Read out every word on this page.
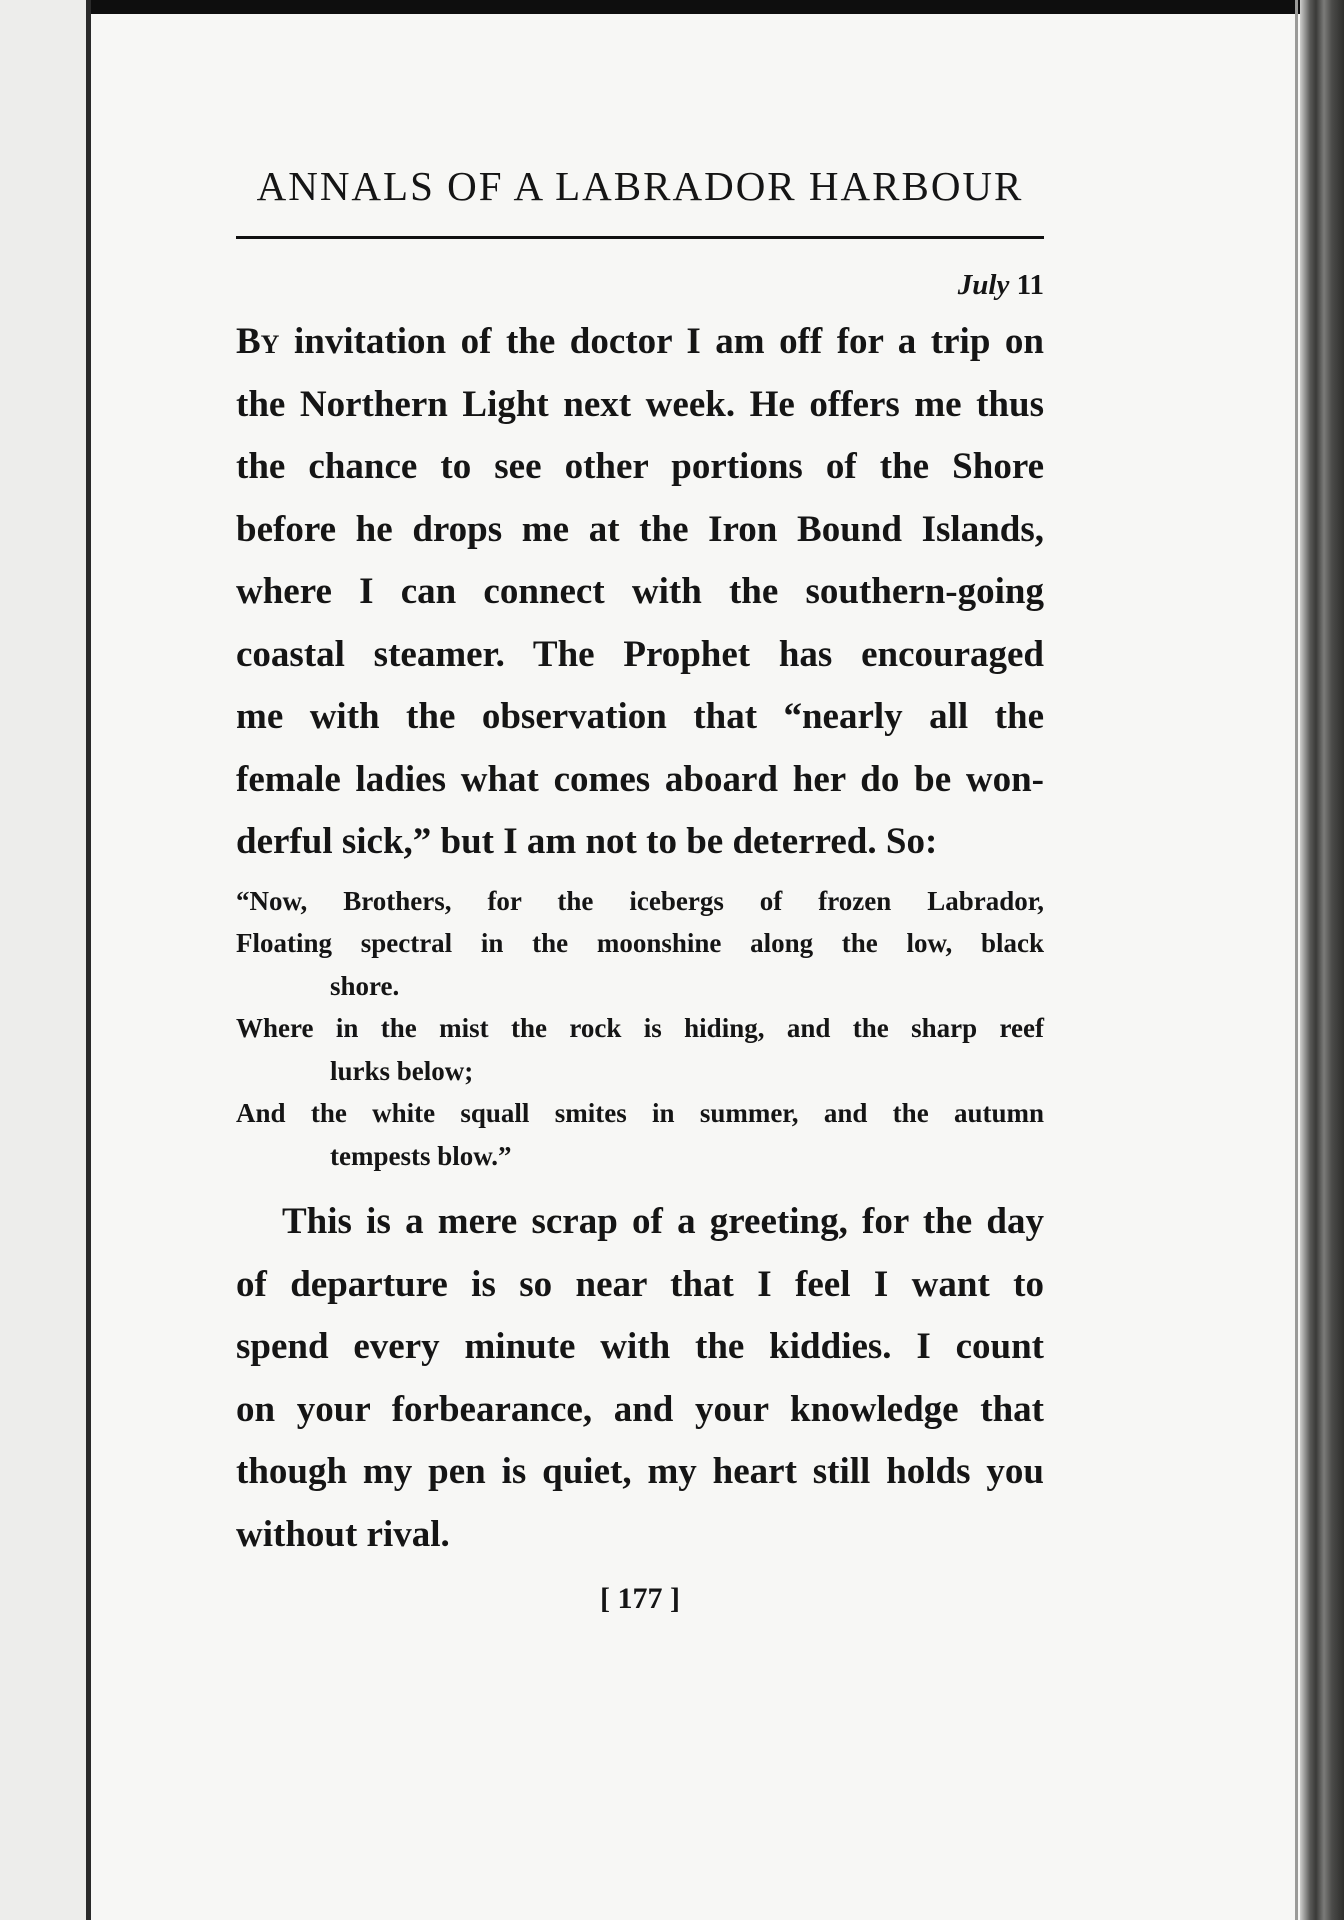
ANNALS OF A LABRADOR HARBOUR
July 11
By invitation of the doctor I am off for a trip on
the Northern Light next week. He offers me thus
the chance to see other portions of the Shore
before he drops me at the Iron Bound Islands,
where I can connect with the southern-going
coastal steamer. The Prophet has encouraged
me with the observation that “nearly all the
female ladies what comes aboard her do be won-
derful sick,” but I am not to be deterred. So:
“Now, Brothers, for the icebergs of frozen Labrador,
Floating spectral in the moonshine along the low, black
shore.
Where in the mist the rock is hiding, and the sharp reef
lurks below;
And the white squall smites in summer, and the autumn
tempests blow.”
This is a mere scrap of a greeting, for the day
of departure is so near that I feel I want to
spend every minute with the kiddies. I count
on your forbearance, and your knowledge that
though my pen is quiet, my heart still holds you
without rival.
[ 177 ]
